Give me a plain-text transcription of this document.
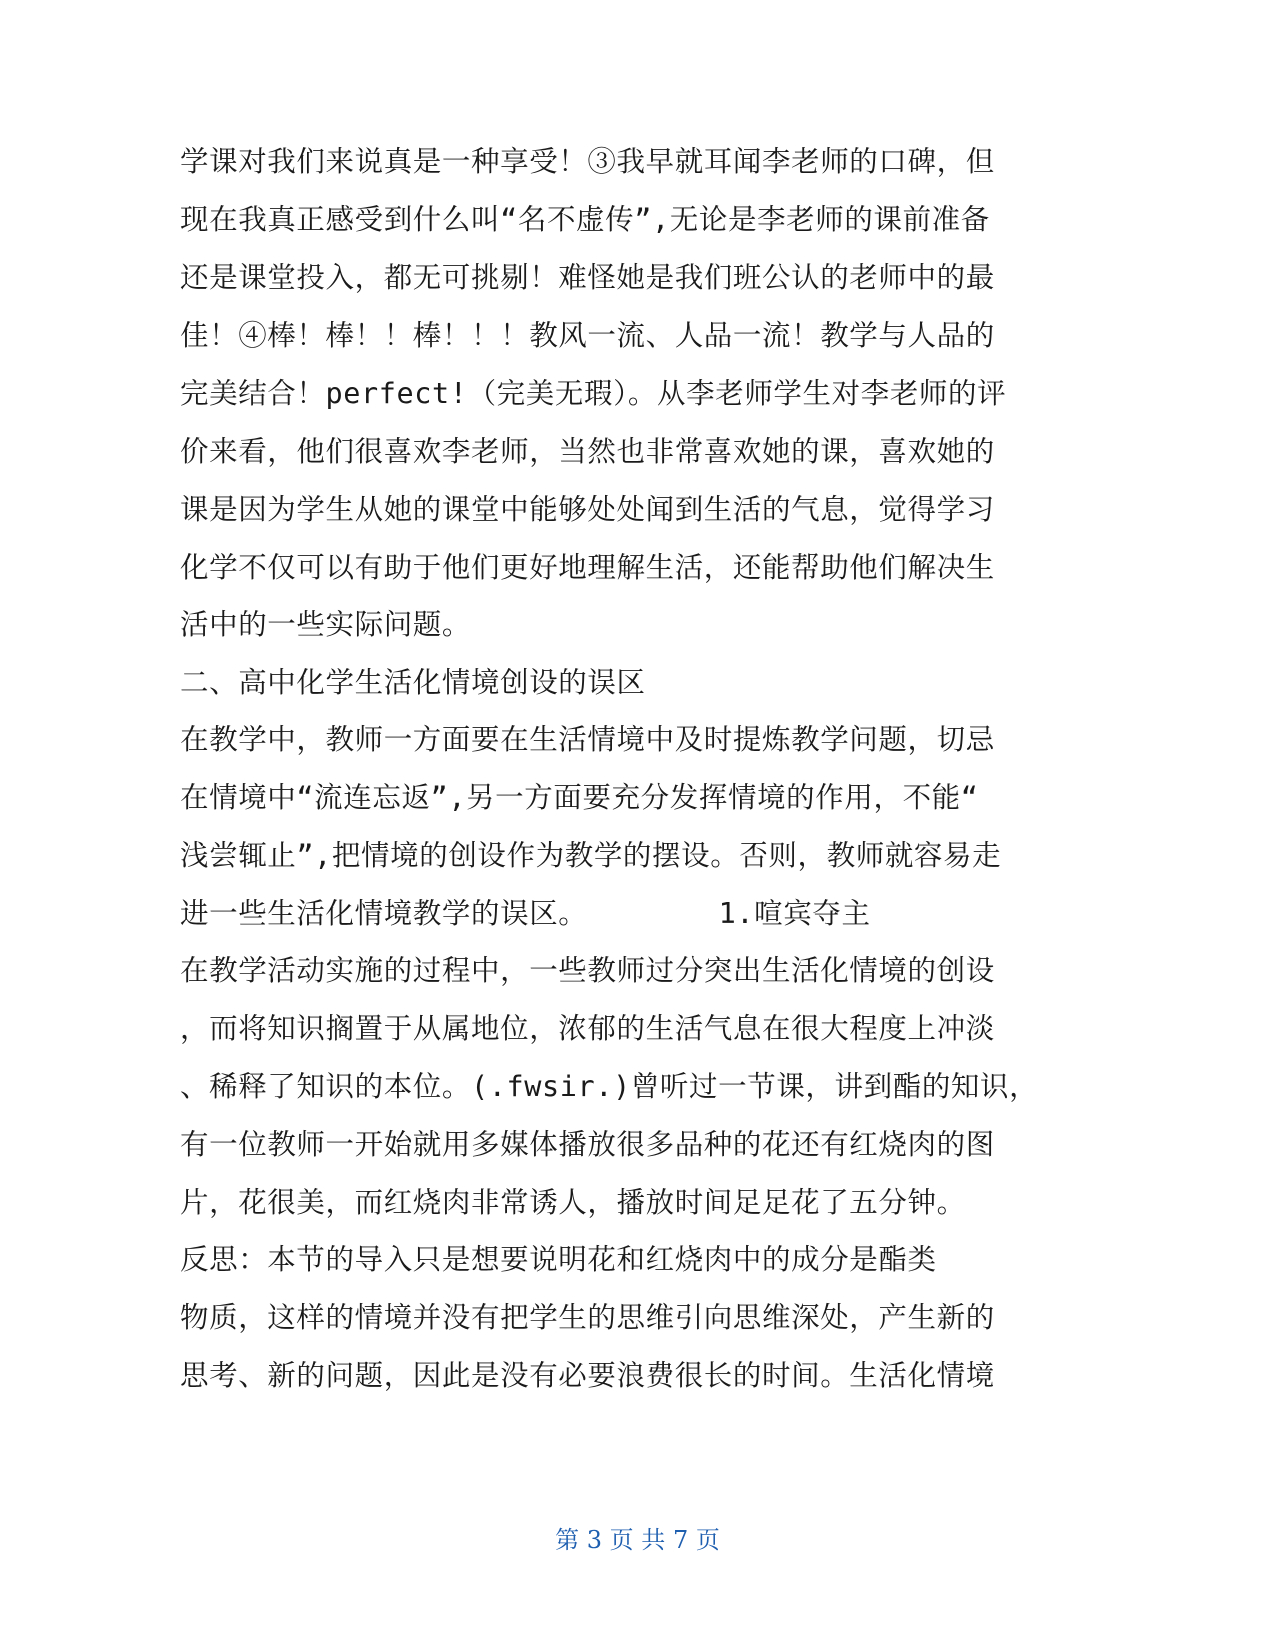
学课对我们来说真是一种享受！③我早就耳闻李老师的口碑，但
现在我真正感受到什么叫“名不虚传”,无论是李老师的课前准备
还是课堂投入，都无可挑剔！难怪她是我们班公认的老师中的最
佳！④棒！棒！！棒！！！教风一流、人品一流！教学与人品的
完美结合！perfect!（完美无瑕）。从李老师学生对李老师的评
价来看，他们很喜欢李老师，当然也非常喜欢她的课，喜欢她的
课是因为学生从她的课堂中能够处处闻到生活的气息，觉得学习
化学不仅可以有助于他们更好地理解生活，还能帮助他们解决生
活中的一些实际问题。
二、高中化学生活化情境创设的误区
在教学中，教师一方面要在生活情境中及时提炼教学问题，切忌
在情境中“流连忘返”,另一方面要充分发挥情境的作用，不能“
浅尝辄止”,把情境的创设作为教学的摆设。否则，教师就容易走
进一些生活化情境教学的误区。　　　　　1.喧宾夺主
在教学活动实施的过程中，一些教师过分突出生活化情境的创设
，而将知识搁置于从属地位，浓郁的生活气息在很大程度上冲淡
、稀释了知识的本位。(.fwsir.)曾听过一节课，讲到酯的知识，
有一位教师一开始就用多媒体播放很多品种的花还有红烧肉的图
片，花很美，而红烧肉非常诱人，播放时间足足花了五分钟。
反思：本节的导入只是想要说明花和红烧肉中的成分是酯类
物质，这样的情境并没有把学生的思维引向思维深处，产生新的
思考、新的问题，因此是没有必要浪费很长的时间。生活化情境
第 3 页 共 7 页
